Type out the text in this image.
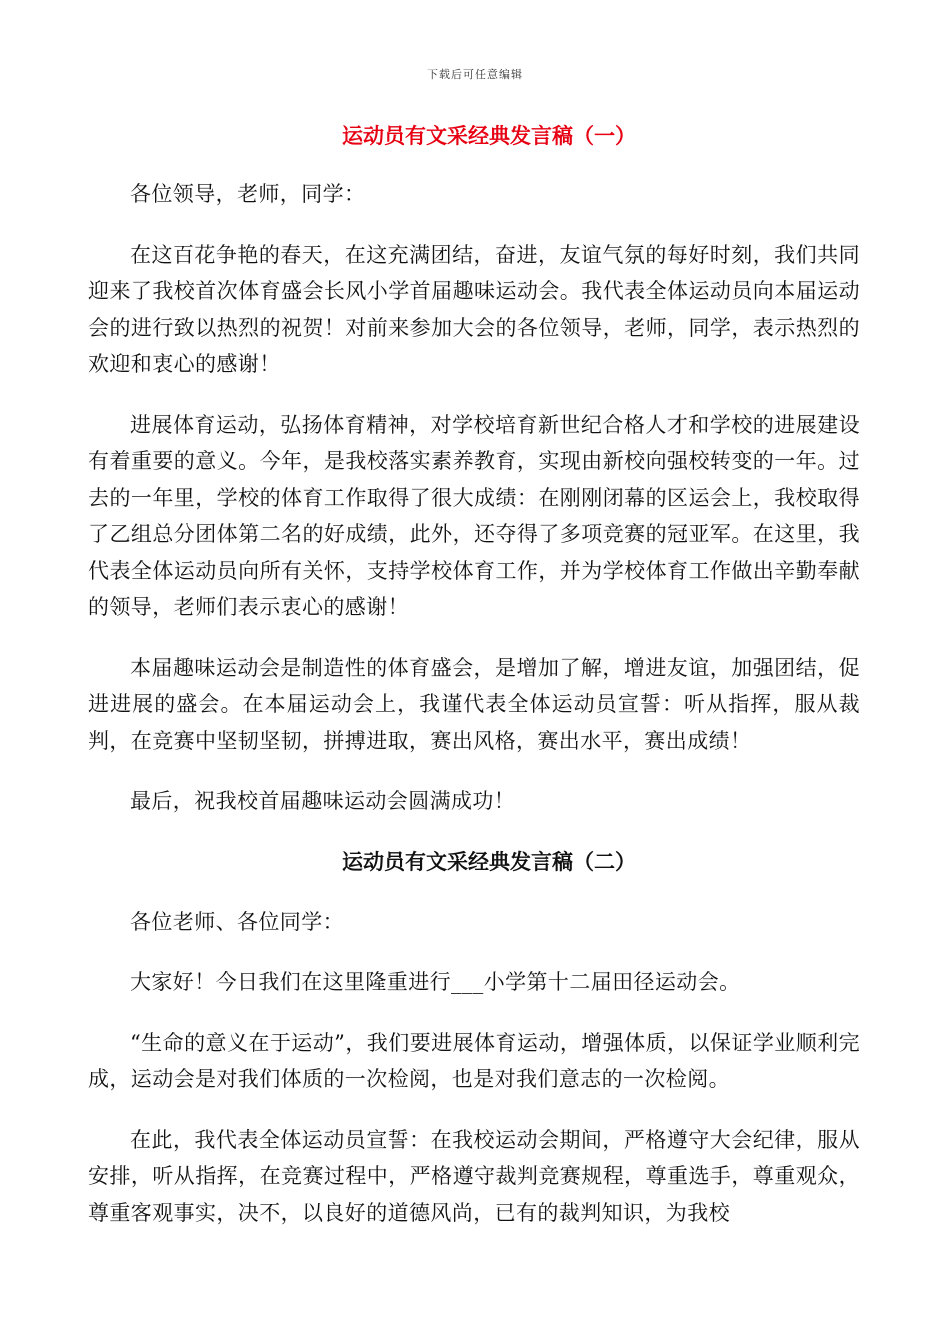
下载后可任意编辑
运动员有文采经典发言稿（一）

各位领导，老师，同学：

在这百花争艳的春天，在这充满团结，奋进，友谊气氛的每好时刻，我们共同迎来了我校首次体育盛会长风小学首届趣味运动会。我代表全体运动员向本届运动会的进行致以热烈的祝贺！对前来参加大会的各位领导，老师，同学，表示热烈的欢迎和衷心的感谢！

进展体育运动，弘扬体育精神，对学校培育新世纪合格人才和学校的进展建设有着重要的意义。今年，是我校落实素养教育，实现由新校向强校转变的一年。过去的一年里，学校的体育工作取得了很大成绩：在刚刚闭幕的区运会上，我校取得了乙组总分团体第二名的好成绩，此外，还夺得了多项竞赛的冠亚军。在这里，我代表全体运动员向所有关怀，支持学校体育工作，并为学校体育工作做出辛勤奉献的领导，老师们表示衷心的感谢！

本届趣味运动会是制造性的体育盛会，是增加了解，增进友谊，加强团结，促进进展的盛会。在本届运动会上，我谨代表全体运动员宣誓：听从指挥，服从裁判，在竞赛中坚韧坚韧，拼搏进取，赛出风格，赛出水平，赛出成绩！

最后，祝我校首届趣味运动会圆满成功！

运动员有文采经典发言稿（二）

各位老师、各位同学：

大家好！今日我们在这里隆重进行___小学第十二届田径运动会。

“生命的意义在于运动”，我们要进展体育运动，增强体质，以保证学业顺利完成，运动会是对我们体质的一次检阅，也是对我们意志的一次检阅。

在此，我代表全体运动员宣誓：在我校运动会期间，严格遵守大会纪律，服从安排，听从指挥，在竞赛过程中，严格遵守裁判竞赛规程，尊重选手，尊重观众，尊重客观事实，决不，以良好的道德风尚，已有的裁判知识，为我校
